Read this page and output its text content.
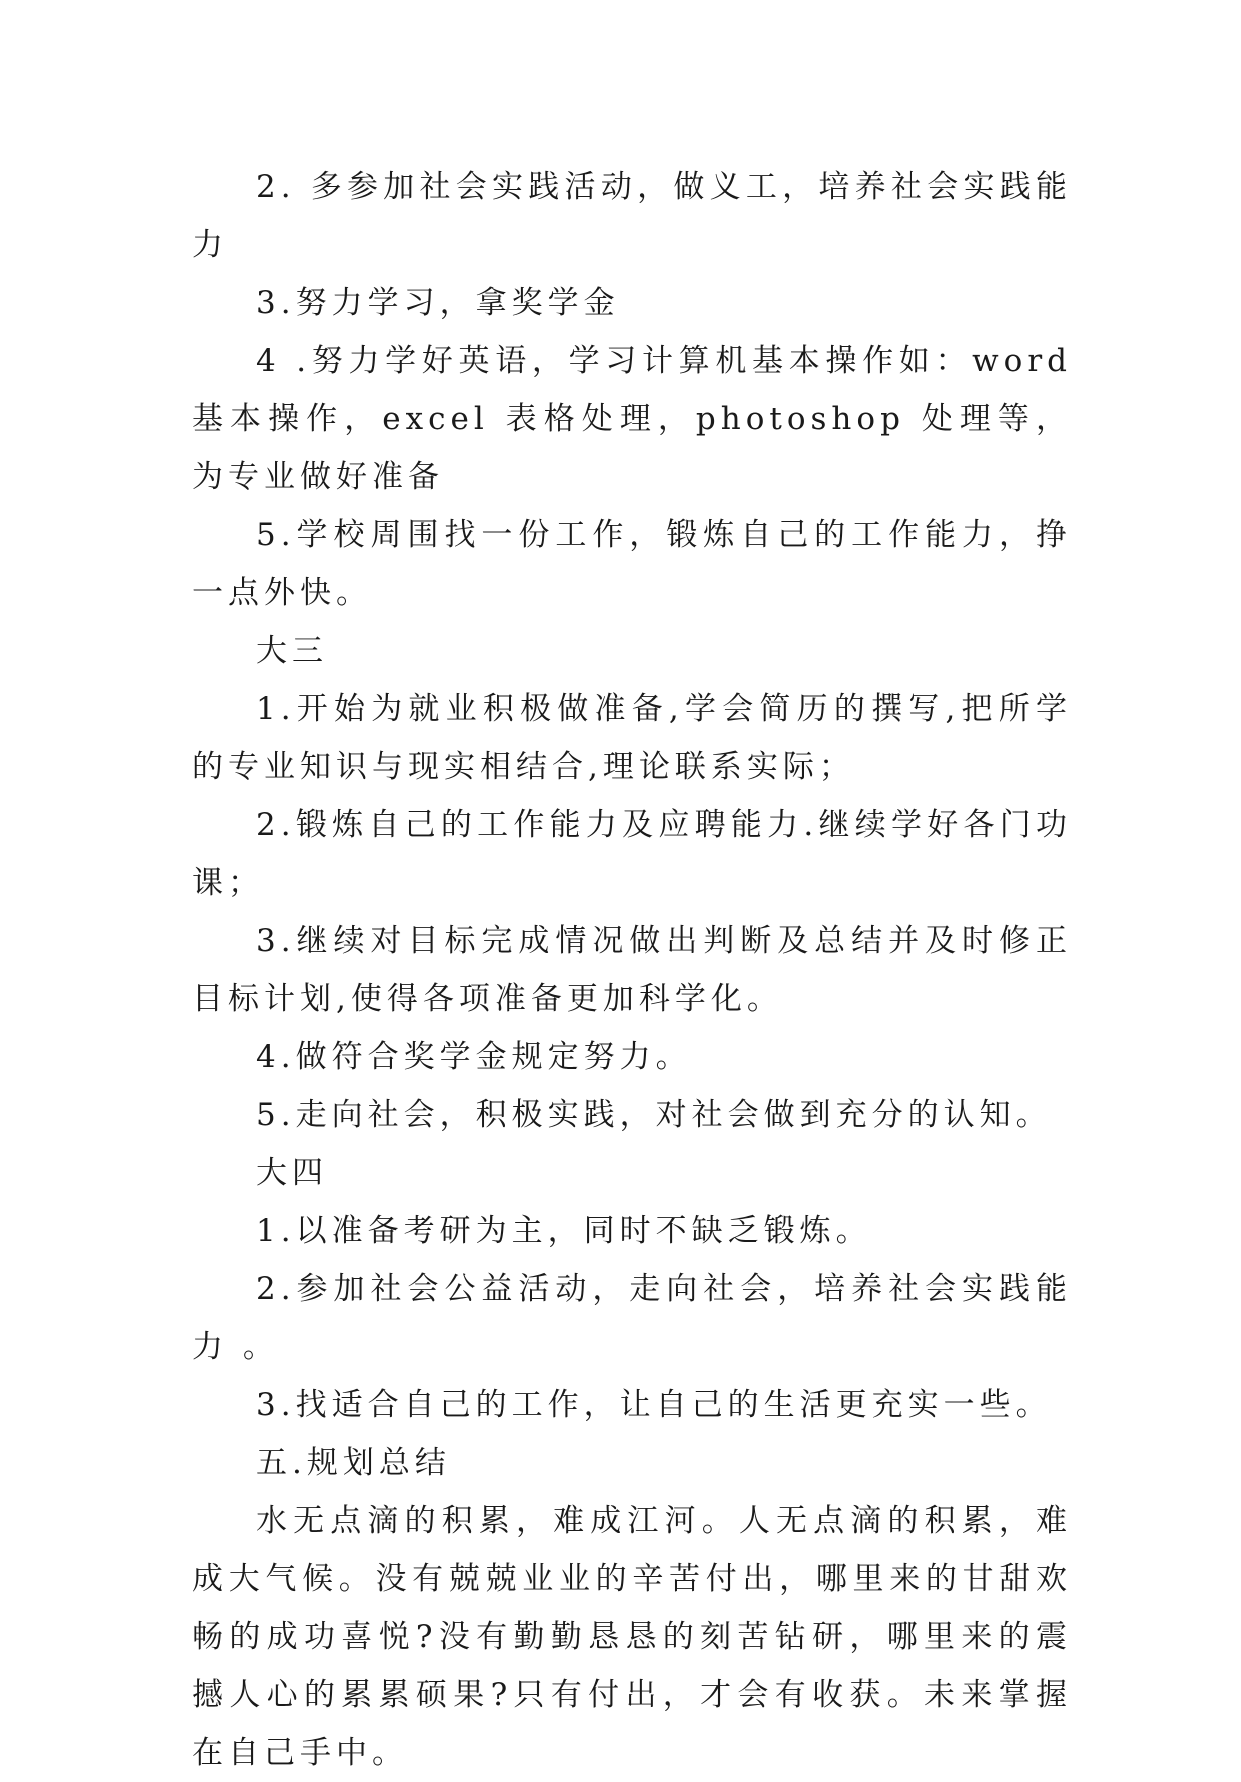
2. 多参加社会实践活动，做义工，培养社会实践能力

3.努力学习，拿奖学金

4 .努力学好英语，学习计算机基本操作如：word 基本操作，excel 表格处理，photoshop 处理等，为专业做好准备

5.学校周围找一份工作，锻炼自己的工作能力，挣一点外快。

大三

1.开始为就业积极做准备,学会简历的撰写,把所学的专业知识与现实相结合,理论联系实际；

2.锻炼自己的工作能力及应聘能力.继续学好各门功课；

3.继续对目标完成情况做出判断及总结并及时修正目标计划,使得各项准备更加科学化。

4.做符合奖学金规定努力。

5.走向社会，积极实践，对社会做到充分的认知。

大四

1.以准备考研为主，同时不缺乏锻炼。

2.参加社会公益活动，走向社会，培养社会实践能力 。

3.找适合自己的工作，让自己的生活更充实一些。

五.规划总结

水无点滴的积累，难成江河。人无点滴的积累，难成大气候。没有兢兢业业的辛苦付出，哪里来的甘甜欢畅的成功喜悦?没有勤勤恳恳的刻苦钻研，哪里来的震撼人心的累累硕果?只有付出，才会有收获。未来掌握在自己手中。
